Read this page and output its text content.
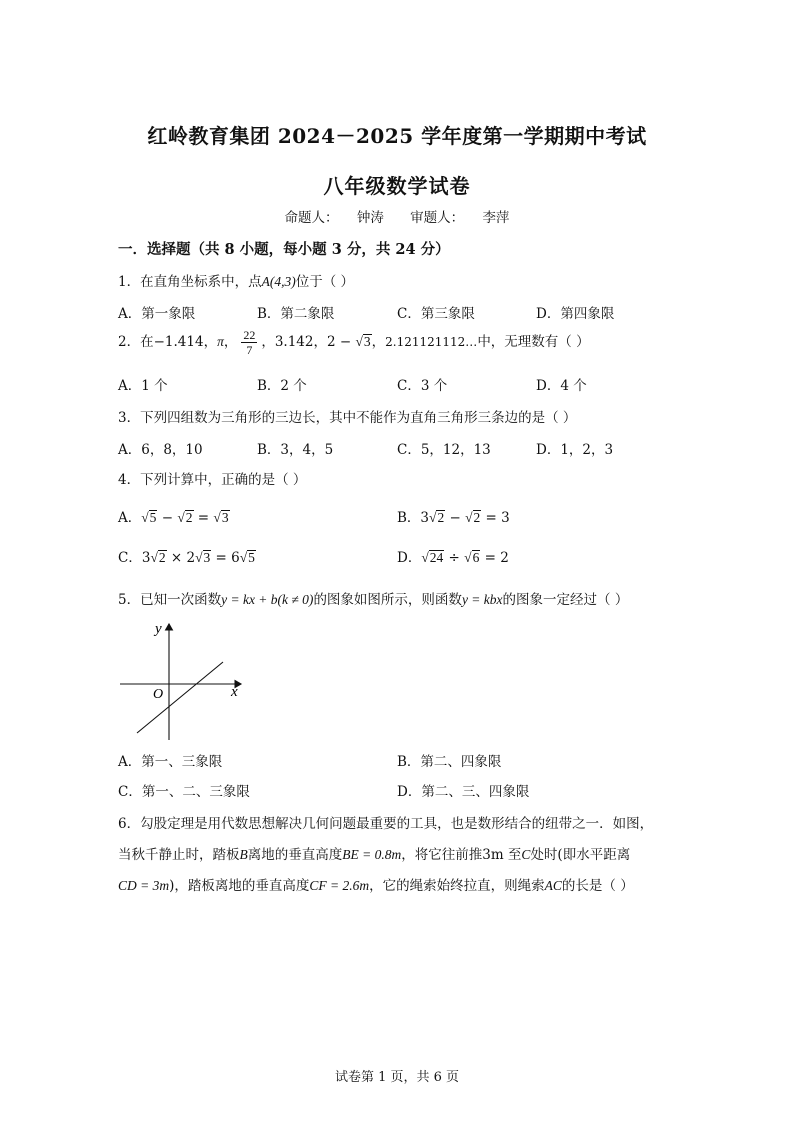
红岭教育集团 2024－2025 学年度第一学期期中考试
八年级数学试卷
命题人： 钟涛 审题人： 李萍
一．选择题（共 8 小题，每小题 3 分，共 24 分）
1．在直角坐标系中，点A(4,3)位于（ ）
A．第一象限	B．第二象限	C．第三象限	D．第四象限
2．在−1.414，π， $\frac{22}{7}$ ，3.142，2 − √3，2.121121112…中，无理数有（ ）
A．1 个	B．2 个	C．3 个	D．4 个
3．下列四组数为三角形的三边长，其中不能作为直角三角形三条边的是（ ）
A．6，8，10	B．3，4，5	C．5，12，13	D．1，2，3
4．下列计算中，正确的是（ ）
A．√5 − √2 = √3	B．3√2 − √2 = 3
C．3√2 × 2√3 = 6√5	D．√24 ÷ √6 = 2
5．已知一次函数y = kx + b(k ≠ 0)的图象如图所示，则函数y = kbx的图象一定经过（ ）
y
x
O
A．第一、三象限	B．第二、四象限
C．第一、二、三象限	D．第二、三、四象限
6．勾股定理是用代数思想解决几何问题最重要的工具，也是数形结合的纽带之一．如图，
当秋千静止时，踏板B离地的垂直高度BE = 0.8m，将它往前推3m 至C处时(即水平距离
CD = 3m)，踏板离地的垂直高度CF = 2.6m，它的绳索始终拉直，则绳索AC的长是（ ）
试卷第 1 页，共 6 页
